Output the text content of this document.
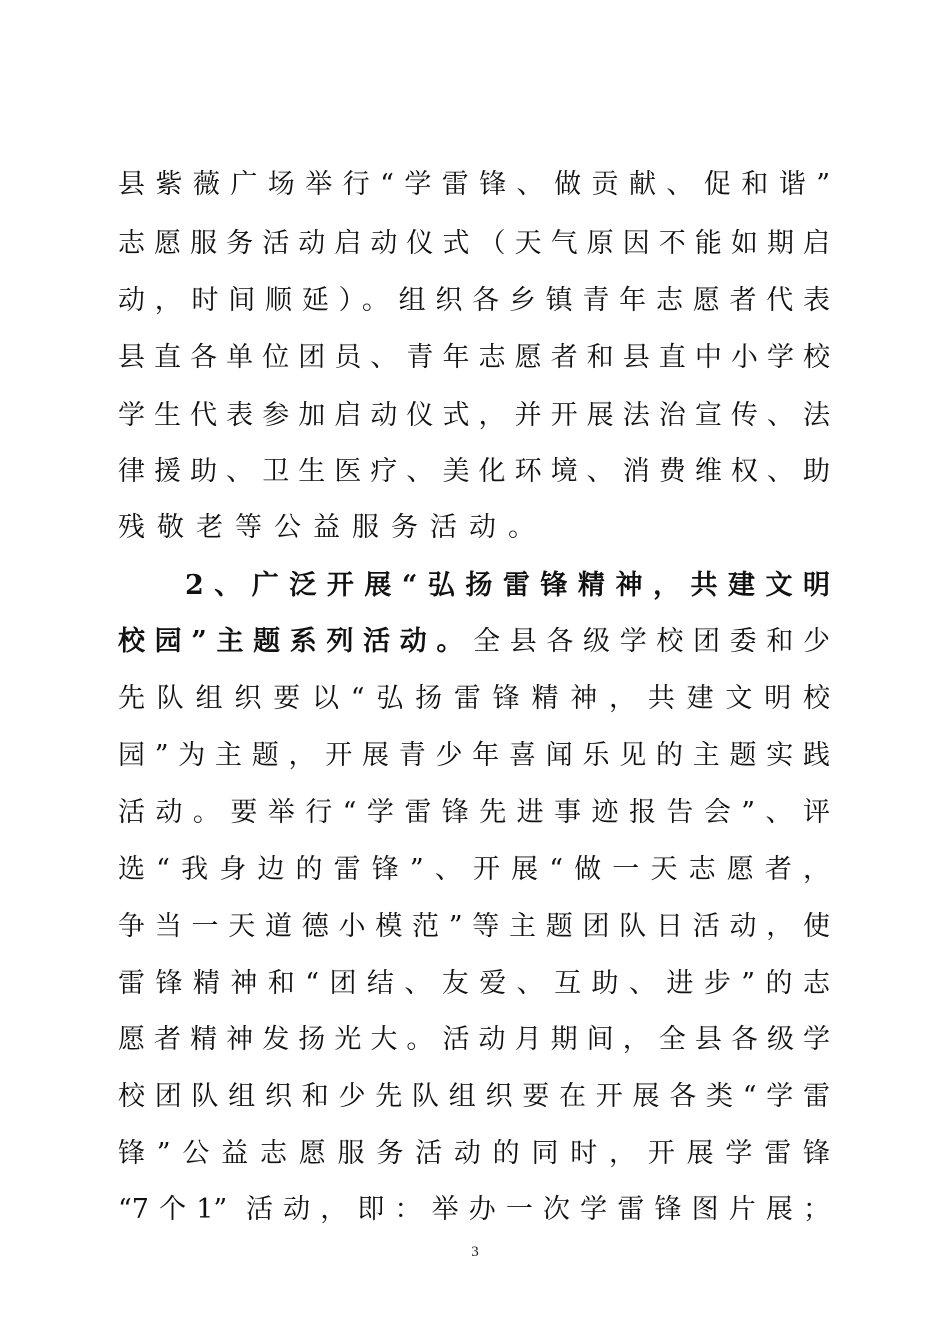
县紫薇广场举行“学雷锋、做贡献、促和谐”
志愿服务活动启动仪式（天气原因不能如期启
动，时间顺延）。组织各乡镇青年志愿者代表
县直各单位团员、青年志愿者和县直中小学校
学生代表参加启动仪式，并开展法治宣传、法
律援助、卫生医疗、美化环境、消费维权、助
残敬老等公益服务活动。
2、广泛开展“弘扬雷锋精神，共建文明
校园”主题系列活动。全县各级学校团委和少
先队组织要以“弘扬雷锋精神，共建文明校
园”为主题，开展青少年喜闻乐见的主题实践
活动。要举行“学雷锋先进事迹报告会”、评
选“我身边的雷锋”、开展“做一天志愿者，
争当一天道德小模范”等主题团队日活动，使
雷锋精神和“团结、友爱、互助、进步”的志
愿者精神发扬光大。活动月期间，全县各级学
校团队组织和少先队组织要在开展各类“学雷
锋”公益志愿服务活动的同时，开展学雷锋
“7个1” 活动，即：举办一次学雷锋图片展；
3
